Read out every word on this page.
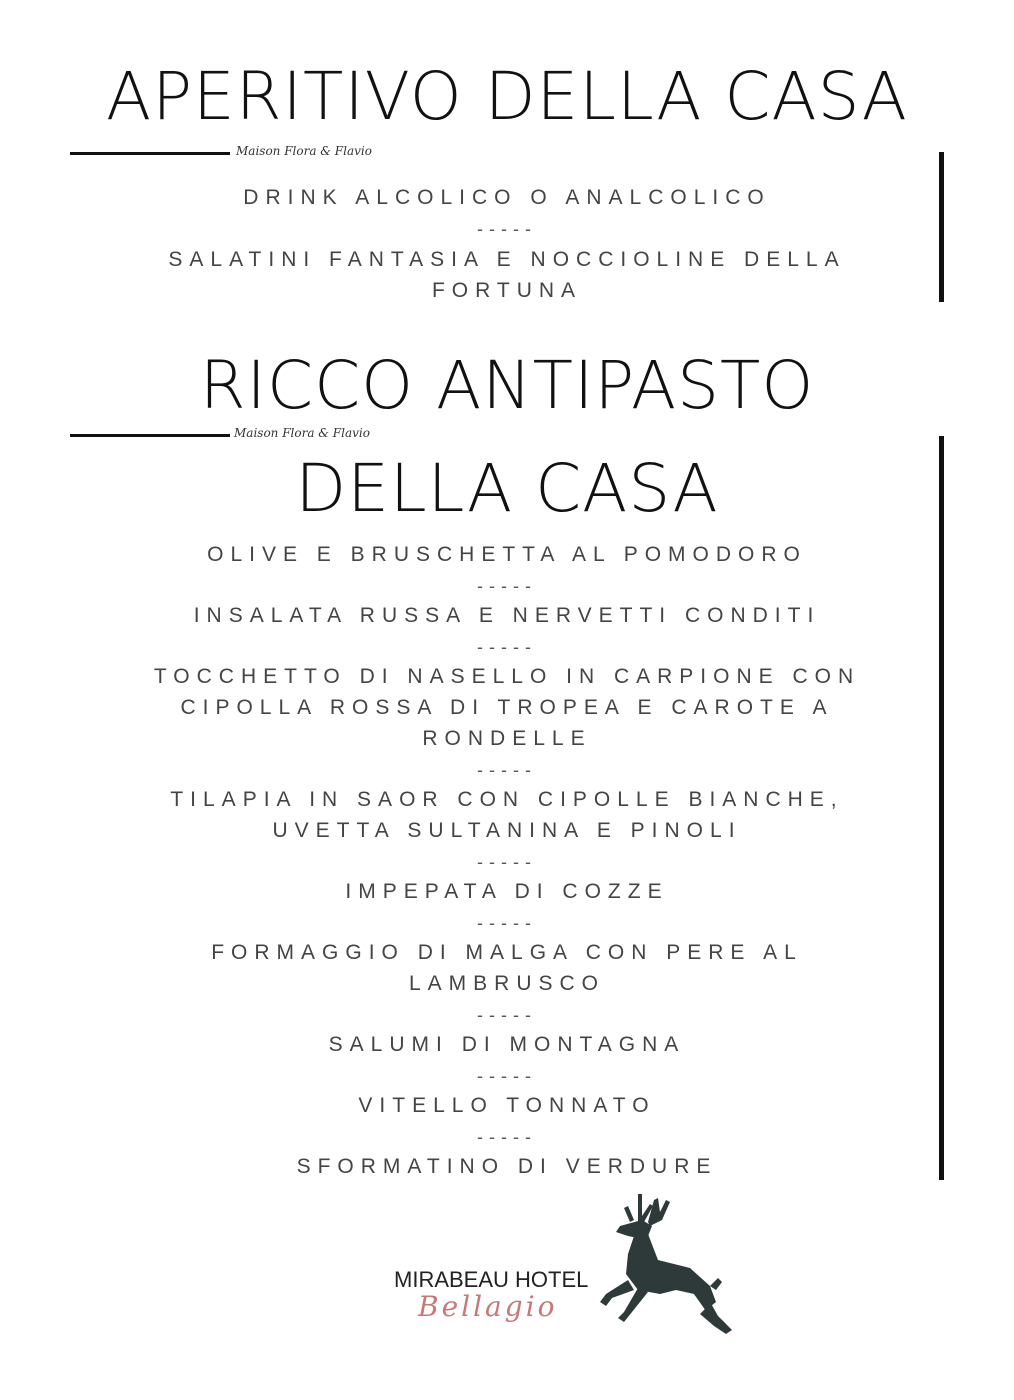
APERITIVO DELLA CASA
Maison Flora & Flavio
DRINK ALCOLICO O ANALCOLICO
-----
SALATINI FANTASIA E NOCCIOLINE DELLA FORTUNA
RICCO ANTIPASTO
Maison Flora & Flavio
DELLA CASA
OLIVE E BRUSCHETTA AL POMODORO
-----
INSALATA RUSSA E NERVETTI CONDITI
-----
TOCCHETTO DI NASELLO IN CARPIONE CON CIPOLLA ROSSA DI TROPEA E CAROTE A RONDELLE
-----
TILAPIA IN SAOR CON CIPOLLE BIANCHE, UVETTA SULTANINA E PINOLI
-----
IMPEPATA DI COZZE
-----
FORMAGGIO DI MALGA CON PERE AL LAMBRUSCO
-----
SALUMI DI MONTAGNA
-----
VITELLO TONNATO
-----
SFORMATINO DI VERDURE
MIRABEAU HOTEL
Bellagio
